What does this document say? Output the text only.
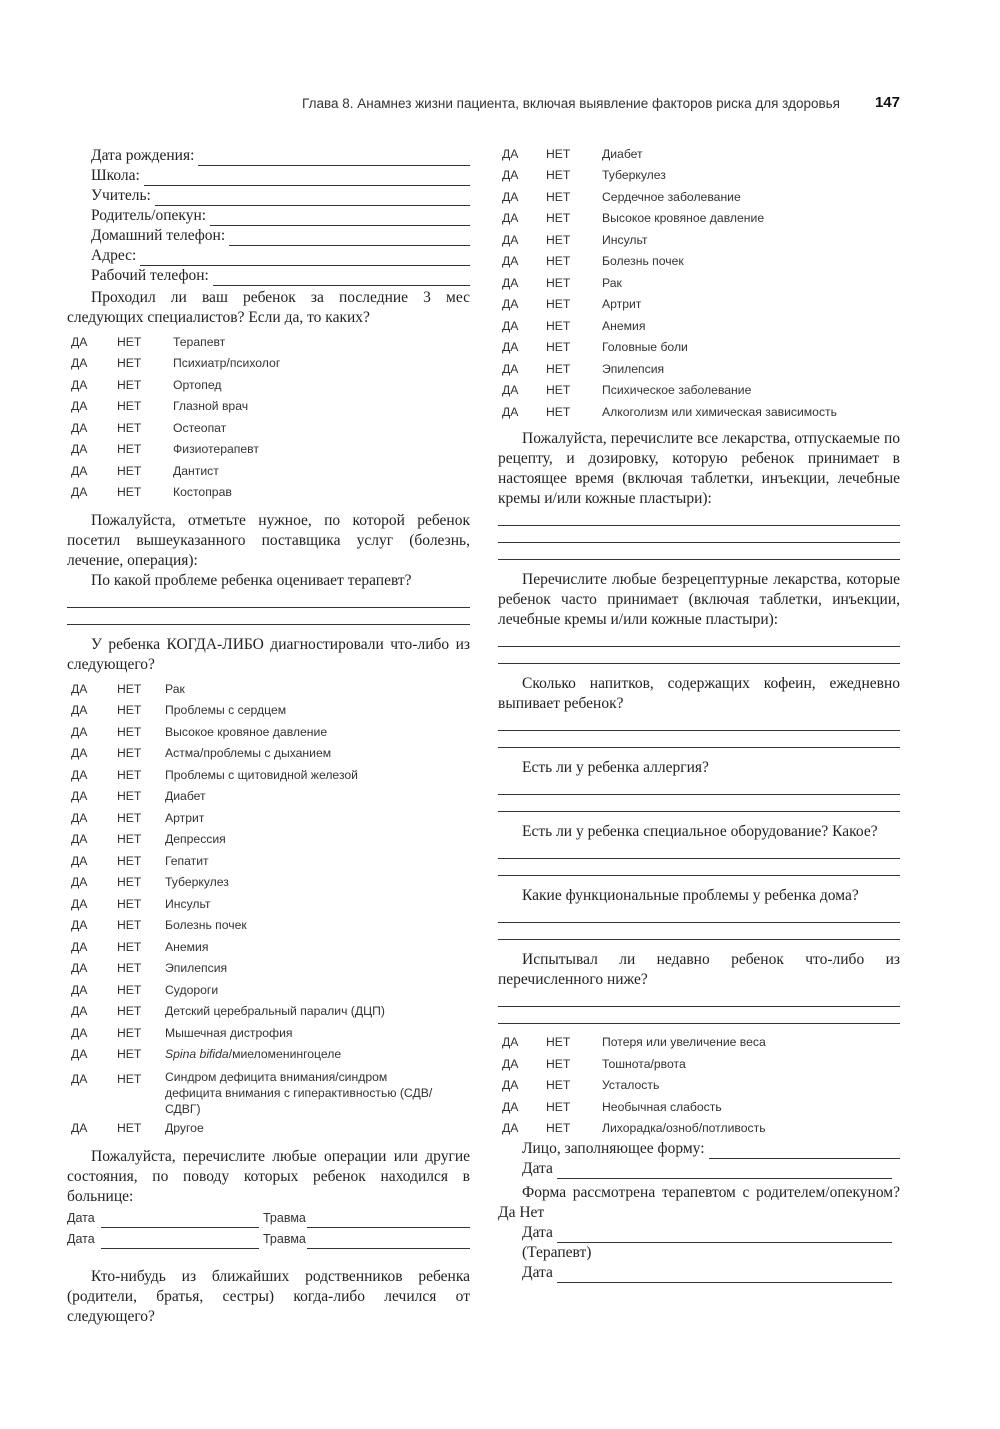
Глава 8. Анамнез жизни пациента, включая выявление факторов риска для здоровья 147
Дата рождения:
Школа:
Учитель:
Родитель/опекун:
Домашний телефон:
Адрес:
Рабочий телефон:

Проходил ли ваш ребенок за последние 3 мес следующих специалистов? Если да, то каких?

ДА	НЕТ	Терапевт
ДА	НЕТ	Психиатр/психолог
ДА	НЕТ	Ортопед
ДА	НЕТ	Глазной врач
ДА	НЕТ	Остеопат
ДА	НЕТ	Физиотерапевт
ДА	НЕТ	Дантист
ДА	НЕТ	Костоправ

Пожалуйста, отметьте нужное, по которой ребенок посетил вышеуказанного поставщика услуг (болезнь, лечение, операция):

По какой проблеме ребенка оценивает терапевт?

У ребенка КОГДА-ЛИБО диагностировали что-либо из следующего?

ДА	НЕТ	Рак
ДА	НЕТ	Проблемы с сердцем
ДА	НЕТ	Высокое кровяное давление
ДА	НЕТ	Астма/проблемы с дыханием
ДА	НЕТ	Проблемы с щитовидной железой
ДА	НЕТ	Диабет
ДА	НЕТ	Артрит
ДА	НЕТ	Депрессия
ДА	НЕТ	Гепатит
ДА	НЕТ	Туберкулез
ДА	НЕТ	Инсульт
ДА	НЕТ	Болезнь почек
ДА	НЕТ	Анемия
ДА	НЕТ	Эпилепсия
ДА	НЕТ	Судороги
ДА	НЕТ	Детский церебральный паралич (ДЦП)
ДА	НЕТ	Мышечная дистрофия
ДА	НЕТ	Spina bifida/миеломенингоцеле
ДА	НЕТ	Синдром дефицита внимания/синдром дефицита внимания с гиперактивностью (СДВ/СДВГ)
ДА	НЕТ	Другое

Пожалуйста, перечислите любые операции или другие состояния, по поводу которых ребенок находился в больнице:

Дата	Травма
Дата	Травма

Кто-нибудь из ближайших родственников ребенка (родители, братья, сестры) когда-либо лечился от следующего?

ДА	НЕТ	Диабет
ДА	НЕТ	Туберкулез
ДА	НЕТ	Сердечное заболевание
ДА	НЕТ	Высокое кровяное давление
ДА	НЕТ	Инсульт
ДА	НЕТ	Болезнь почек
ДА	НЕТ	Рак
ДА	НЕТ	Артрит
ДА	НЕТ	Анемия
ДА	НЕТ	Головные боли
ДА	НЕТ	Эпилепсия
ДА	НЕТ	Психическое заболевание
ДА	НЕТ	Алкоголизм или химическая зависимость

Пожалуйста, перечислите все лекарства, отпускаемые по рецепту, и дозировку, которую ребенок принимает в настоящее время (включая таблетки, инъекции, лечебные кремы и/или кожные пластыри):

Перечислите любые безрецептурные лекарства, которые ребенок часто принимает (включая таблетки, инъекции, лечебные кремы и/или кожные пластыри):

Сколько напитков, содержащих кофеин, ежедневно выпивает ребенок?

Есть ли у ребенка аллергия?

Есть ли у ребенка специальное оборудование? Какое?

Какие функциональные проблемы у ребенка дома?

Испытывал ли недавно ребенок что-либо из перечисленного ниже?

ДА	НЕТ	Потеря или увеличение веса
ДА	НЕТ	Тошнота/рвота
ДА	НЕТ	Усталость
ДА	НЕТ	Необычная слабость
ДА	НЕТ	Лихорадка/озноб/потливость
Лицо, заполняющее форму:
Дата

Форма рассмотрена терапевтом с родителем/опекуном? Да Нет

Дата
(Терапевт)
Дата
